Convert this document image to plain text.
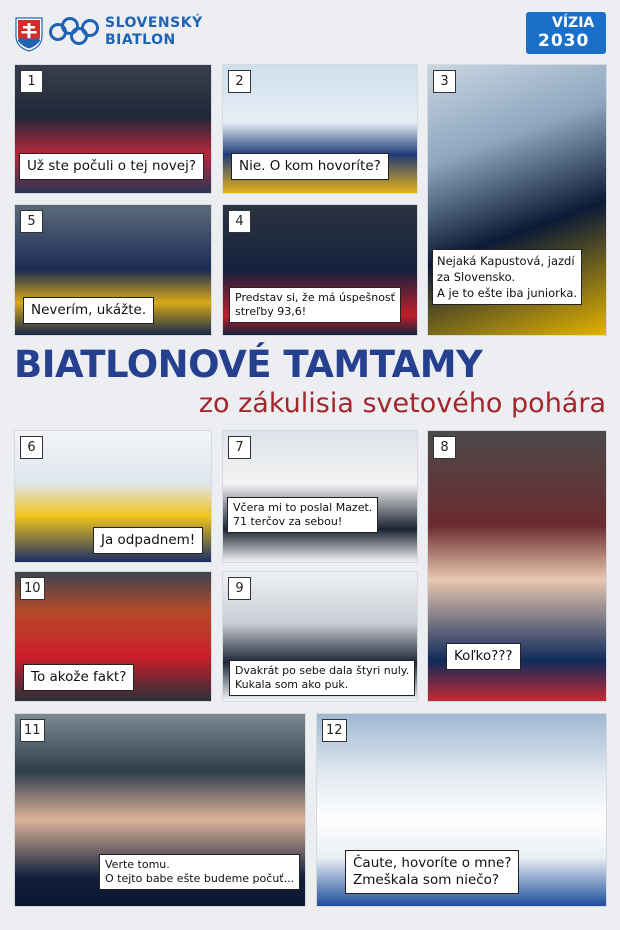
SLOVENSKÝ
BIATLON
VÍZIA
2030
1
Už ste počuli o tej novej?
2
Nie. O kom hovoríte?
3
Nejaká Kapustová, jazdí
za Slovensko.
A je to ešte iba juniorka.
5
Neverím, ukážte.
4
Predstav si, že má úspešnosť
streľby 93,6!
BIATLONOVÉ TAMTAMY
zo zákulisia svetového pohára
6
Ja odpadnem!
7
Včera mi to poslal Mazet.
71 terčov za sebou!
8
Koľko???
10
To akože fakt?
9
Dvakrát po sebe dala štyri nuly.
Kukala som ako puk.
11
Verte tomu.
O tejto babe ešte budeme počuť...
12
Čaute, hovoríte o mne?
Zmeškala som niečo?
